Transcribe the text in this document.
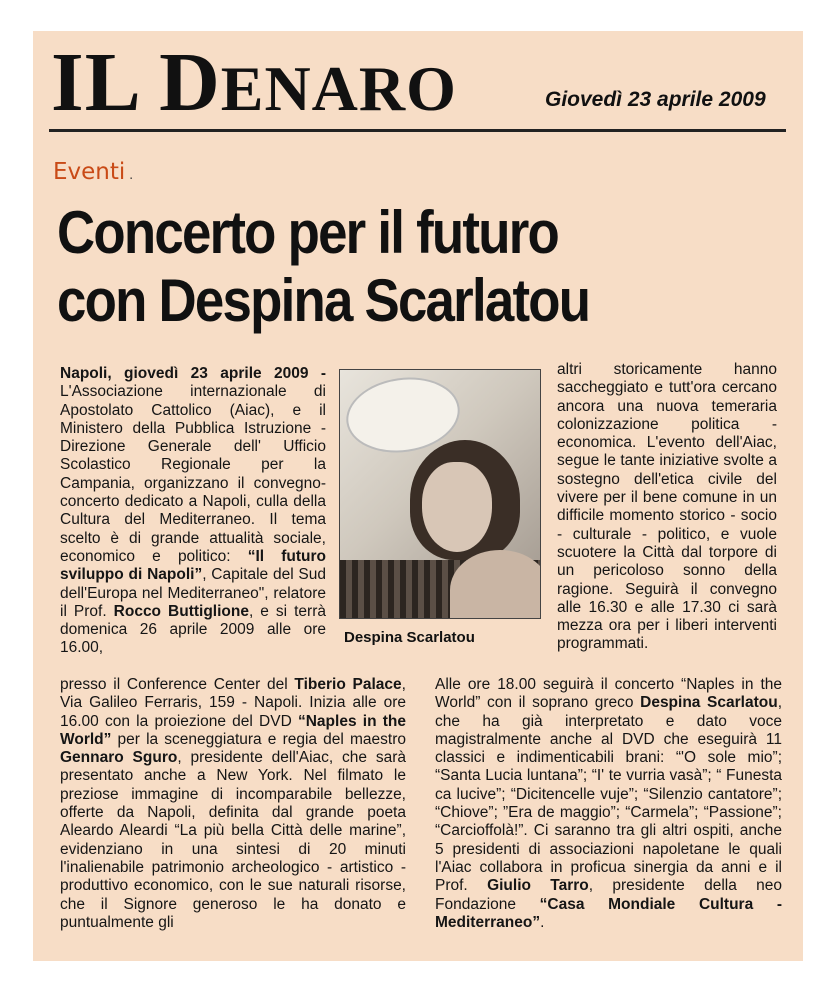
IL DENARO	Giovedì 23 aprile 2009
Eventi .
Concerto per il futuro
con Despina Scarlatou
Napoli, giovedì 23 aprile 2009 - L'Associazione internazionale di Apostolato Cattolico (Aiac), e il Ministero della Pubblica Istruzione - Direzione Generale dell' Ufficio Scolastico Regionale per la Campania, organizzano il convegno-concerto dedicato a Napoli, culla della Cultura del Mediterraneo. Il tema scelto è di grande attualità sociale, economico e politico: “Il futuro sviluppo di Napoli”, Capitale del Sud dell'Europa nel Mediterraneo", relatore il Prof. Rocco Buttiglione, e si terrà domenica 26 aprile 2009 alle ore 16.00,
Despina Scarlatou
altri storicamente hanno saccheggiato e tutt'ora cercano ancora una nuova temeraria colonizzazione politica - economica. L'evento dell'Aiac, segue le tante iniziative svolte a sostegno dell'etica civile del vivere per il bene comune in un difficile momento storico - socio - culturale - politico, e vuole scuotere la Città dal torpore di un pericoloso sonno della ragione. Seguirà il convegno alle 16.30 e alle 17.30 ci sarà mezza ora per i liberi interventi programmati.
presso il Conference Center del Tiberio Palace, Via Galileo Ferraris, 159 - Napoli. Inizia alle ore 16.00 con la proiezione del DVD “Naples in the World” per la sceneggiatura e regia del maestro Gennaro Sguro, presidente dell'Aiac, che sarà presentato anche a New York. Nel filmato le preziose immagine di incomparabile bellezze, offerte da Napoli, definita dal grande poeta Aleardo Aleardi “La più bella Città delle marine”, evidenziano in una sintesi di 20 minuti l'inalienabile patrimonio archeologico - artistico - produttivo economico, con le sue naturali risorse, che il Signore generoso le ha donato e puntualmente gli
Alle ore 18.00 seguirà il concerto “Naples in the World” con il soprano greco Despina Scarlatou, che ha già interpretato e dato voce magistralmente anche al DVD che eseguirà 11 classici e indimenticabili brani: “'O sole mio”; “Santa Lucia luntana”; “I' te vurria vasà”; “ Funesta ca lucive”; “Dicitencelle vuje”; “Silenzio cantatore”; “Chiove”; ”Era de maggio”; “Carmela”; “Passione”; “Carcioffolà!”. Ci saranno tra gli altri ospiti, anche 5 presidenti di associazioni napoletane le quali l'Aiac collabora in proficua sinergia da anni e il Prof. Giulio Tarro, presidente della neo Fondazione “Casa Mondiale Cultura - Mediterraneo”.
